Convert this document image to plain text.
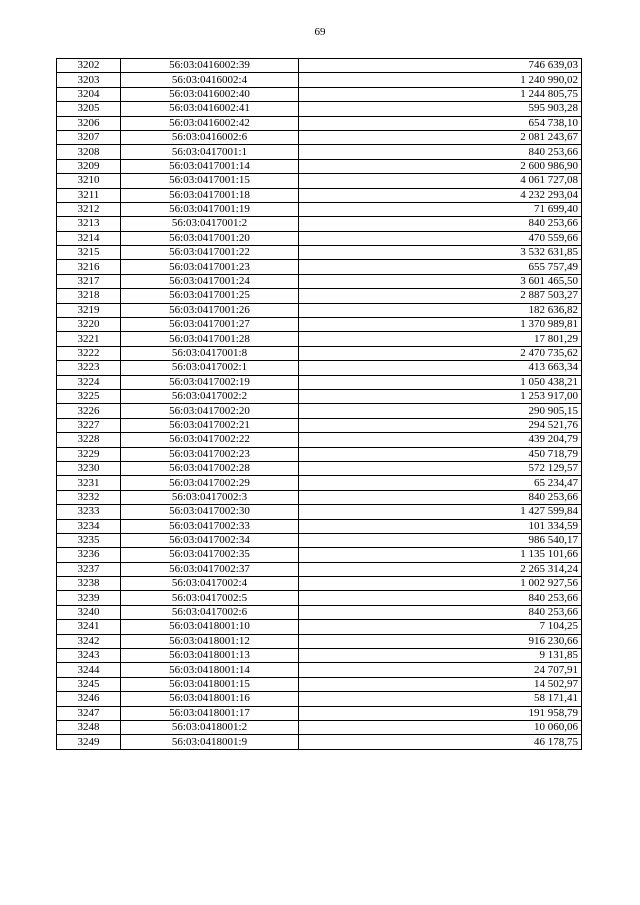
69
3202	56:03:0416002:39	746 639,03
3203	56:03:0416002:4	1 240 990,02
3204	56:03:0416002:40	1 244 805,75
3205	56:03:0416002:41	595 903,28
3206	56:03:0416002:42	654 738,10
3207	56:03:0416002:6	2 081 243,67
3208	56:03:0417001:1	840 253,66
3209	56:03:0417001:14	2 600 986,90
3210	56:03:0417001:15	4 061 727,08
3211	56:03:0417001:18	4 232 293,04
3212	56:03:0417001:19	71 699,40
3213	56:03:0417001:2	840 253,66
3214	56:03:0417001:20	470 559,66
3215	56:03:0417001:22	3 532 631,85
3216	56:03:0417001:23	655 757,49
3217	56:03:0417001:24	3 601 465,50
3218	56:03:0417001:25	2 887 503,27
3219	56:03:0417001:26	182 636,82
3220	56:03:0417001:27	1 370 989,81
3221	56:03:0417001:28	17 801,29
3222	56:03:0417001:8	2 470 735,62
3223	56:03:0417002:1	413 663,34
3224	56:03:0417002:19	1 050 438,21
3225	56:03:0417002:2	1 253 917,00
3226	56:03:0417002:20	290 905,15
3227	56:03:0417002:21	294 521,76
3228	56:03:0417002:22	439 204,79
3229	56:03:0417002:23	450 718,79
3230	56:03:0417002:28	572 129,57
3231	56:03:0417002:29	65 234,47
3232	56:03:0417002:3	840 253,66
3233	56:03:0417002:30	1 427 599,84
3234	56:03:0417002:33	101 334,59
3235	56:03:0417002:34	986 540,17
3236	56:03:0417002:35	1 135 101,66
3237	56:03:0417002:37	2 265 314,24
3238	56:03:0417002:4	1 002 927,56
3239	56:03:0417002:5	840 253,66
3240	56:03:0417002:6	840 253,66
3241	56:03:0418001:10	7 104,25
3242	56:03:0418001:12	916 230,66
3243	56:03:0418001:13	9 131,85
3244	56:03:0418001:14	24 707,91
3245	56:03:0418001:15	14 502,97
3246	56:03:0418001:16	58 171,41
3247	56:03:0418001:17	191 958,79
3248	56:03:0418001:2	10 060,06
3249	56:03:0418001:9	46 178,75
